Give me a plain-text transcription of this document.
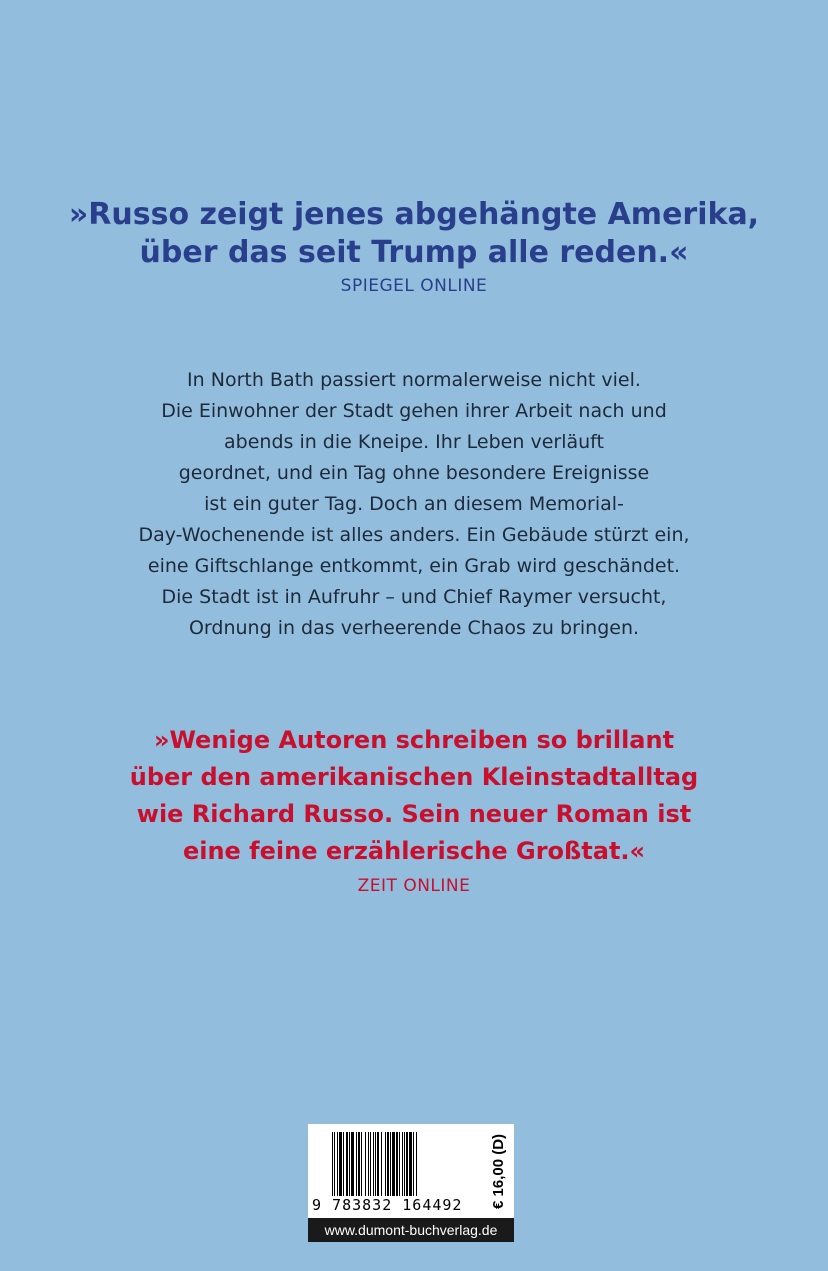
»Russo zeigt jenes abgehängte Amerika,
über das seit Trump alle reden.«
SPIEGEL ONLINE
In North Bath passiert normalerweise nicht viel.
Die Einwohner der Stadt gehen ihrer Arbeit nach und
abends in die Kneipe. Ihr Leben verläuft
geordnet, und ein Tag ohne besondere Ereignisse
ist ein guter Tag. Doch an diesem Memorial-
Day-Wochenende ist alles anders. Ein Gebäude stürzt ein,
eine Giftschlange entkommt, ein Grab wird geschändet.
Die Stadt ist in Aufruhr – und Chief Raymer versucht,
Ordnung in das verheerende Chaos zu bringen.
»Wenige Autoren schreiben so brillant
über den amerikanischen Kleinstadtalltag
wie Richard Russo. Sein neuer Roman ist
eine feine erzählerische Großtat.«
ZEIT ONLINE
9 783832 164492	€ 16,00 (D)
www.dumont-buchverlag.de
